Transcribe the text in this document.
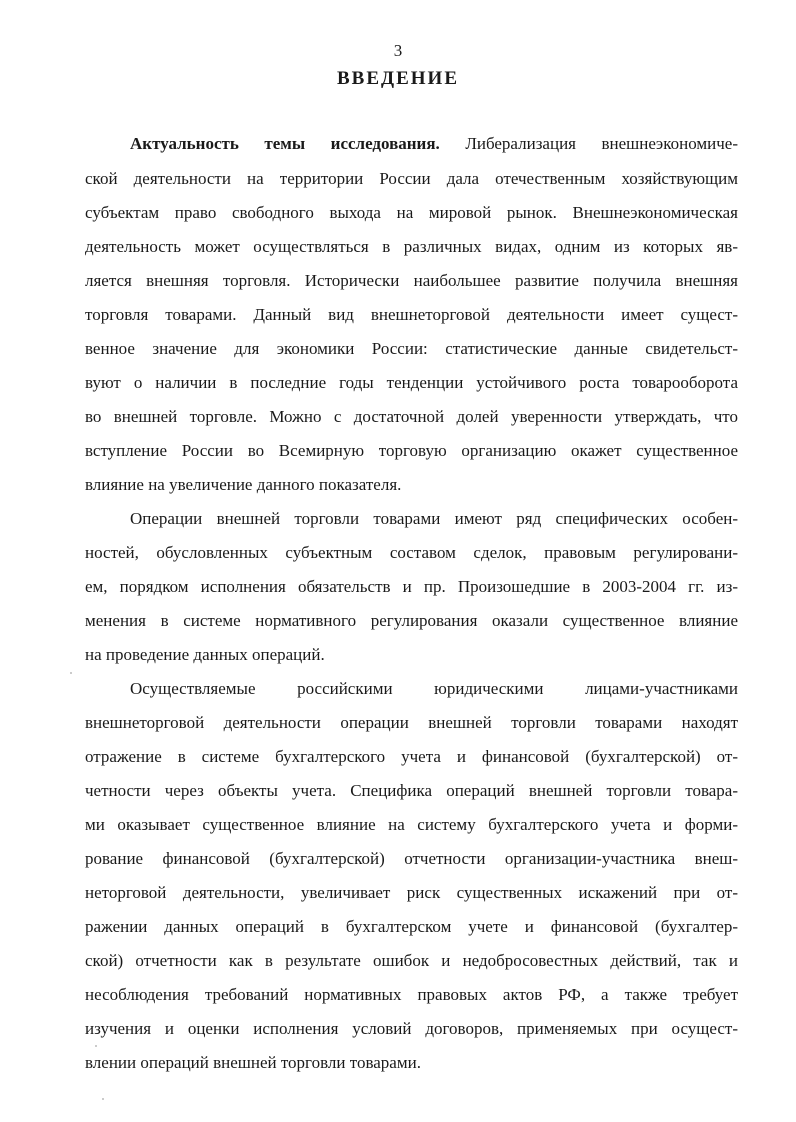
3
ВВЕДЕНИЕ
Актуальность темы исследования. Либерализация внешнеэкономиче-
ской деятельности на территории России дала отечественным хозяйствующим
субъектам право свободного выхода на мировой рынок. Внешнеэкономическая
деятельность может осуществляться в различных видах, одним из которых яв-
ляется внешняя торговля. Исторически наибольшее развитие получила внешняя
торговля товарами. Данный вид внешнеторговой деятельности имеет сущест-
венное значение для экономики России: статистические данные свидетельст-
вуют о наличии в последние годы тенденции устойчивого роста товарооборота
во внешней торговле. Можно с достаточной долей уверенности утверждать, что
вступление России во Всемирную торговую организацию окажет существенное
влияние на увеличение данного показателя.
Операции внешней торговли товарами имеют ряд специфических особен-
ностей, обусловленных субъектным составом сделок, правовым регулировани-
ем, порядком исполнения обязательств и пр. Произошедшие в 2003-2004 гг. из-
менения в системе нормативного регулирования оказали существенное влияние
на проведение данных операций.
Осуществляемые российскими юридическими лицами-участниками
внешнеторговой деятельности операции внешней торговли товарами находят
отражение в системе бухгалтерского учета и финансовой (бухгалтерской) от-
четности через объекты учета. Специфика операций внешней торговли товара-
ми оказывает существенное влияние на систему бухгалтерского учета и форми-
рование финансовой (бухгалтерской) отчетности организации-участника внеш-
неторговой деятельности, увеличивает риск существенных искажений при от-
ражении данных операций в бухгалтерском учете и финансовой (бухгалтер-
ской) отчетности как в результате ошибок и недобросовестных действий, так и
несоблюдения требований нормативных правовых актов РФ, а также требует
изучения и оценки исполнения условий договоров, применяемых при осущест-
влении операций внешней торговли товарами.
